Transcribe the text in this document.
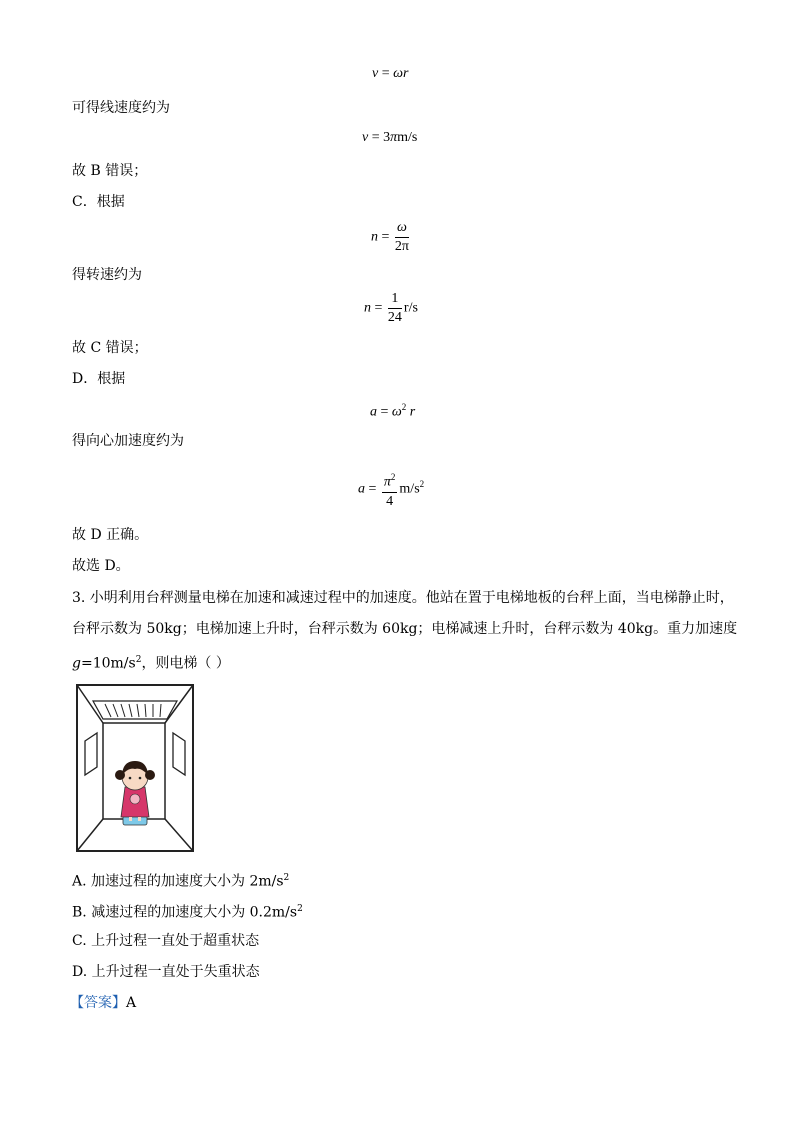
v = ωr
可得线速度约为
v = 3πm/s
故 B 错误；
C．根据
$n = \frac{\omega}{2\pi}$
得转速约为
$n = \frac{1}{24} r/s$
故 C 错误；
D．根据
$a = \omega^2$ r
得向心加速度约为
$a = \frac{\pi^2}{4} m/s^2$
故 D 正确。
故选 D。
3. 小明利用台秤测量电梯在加速和减速过程中的加速度。他站在置于电梯地板的台秤上面，当电梯静止时，
台秤示数为 50kg；电梯加速上升时，台秤示数为 60kg；电梯减速上升时，台秤示数为 40kg。重力加速度
$g=10m/s^2$，则电梯（ ）
A. 加速过程的加速度大小为 $2m/s^2$
B. 减速过程的加速度大小为 $0.2m/s^2$
C. 上升过程一直处于超重状态
D. 上升过程一直处于失重状态
【答案】A
